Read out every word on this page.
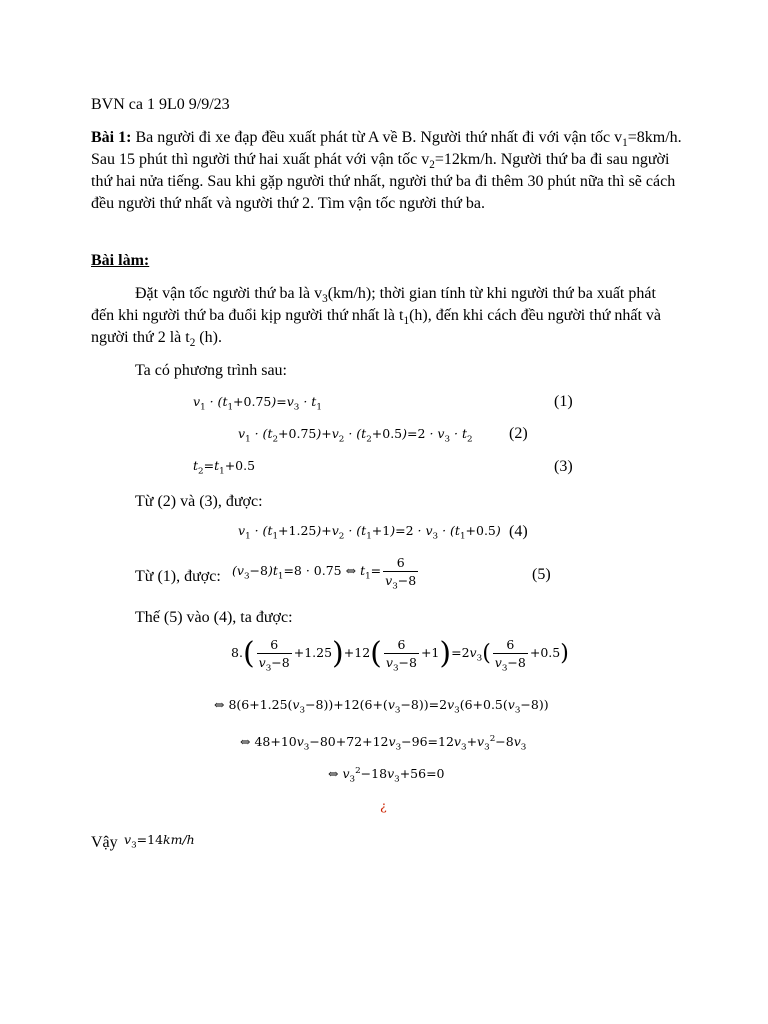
BVN ca 1 9L0 9/9/23
Bài 1: Ba người đi xe đạp đều xuất phát từ A về B. Người thứ nhất đi với vận tốc $v_1=8km/h$. Sau 15 phút thì người thứ hai xuất phát với vận tốc $v_2=12km/h$. Người thứ ba đi sau người thứ hai nửa tiếng. Sau khi gặp người thứ nhất, người thứ ba đi thêm 30 phút nữa thì sẽ cách đều người thứ nhất và người thứ 2. Tìm vận tốc người thứ ba.
Bài làm:
Đặt vận tốc người thứ ba là $v_3(km/h)$; thời gian tính từ khi người thứ ba xuất phát đến khi người thứ ba đuổi kịp người thứ nhất là $t_1(h)$, đến khi cách đều người thứ nhất và người thứ 2 là $t_2$ (h).
Ta có phương trình sau:
$v_1 \cdot (t_1+0.75)=v_3 \cdot t_1$	(1)
$v_1 \cdot (t_2+0.75)+v_2 \cdot (t_2+0.5)=2 \cdot v_3 \cdot t_2$ (2)
$t_2=t_1+0.5$	(3)
Từ (2) và (3), được:
$v_1 \cdot (t_1+1.25)+v_2 \cdot (t_1+1)=2 \cdot v_3 \cdot (t_1+0.5)$ (4)
Từ (1), được: $(v_3-8)t_1=8 \cdot 0.75$ ⇔ $t_1= \frac{6}{v_3-8}$	(5)
Thế (5) vào (4), ta được:
$8.( \frac{6}{v_3-8} +1.25)+12( \frac{6}{v_3-8} +1)=2v_3( \frac{6}{v_3-8} +0.5)$
⇔ $8(6+1.25(v_3-8))+12(6+(v_3-8))=2v_3(6+0.5(v_3-8))$
⇔ $48+10v_3-80+72+12v_3-96=12v_3+v_3^2-8v_3$
⇔ $v_3^2-18v_3+56=0$
¿
Vậy $v_3=14km/h$
